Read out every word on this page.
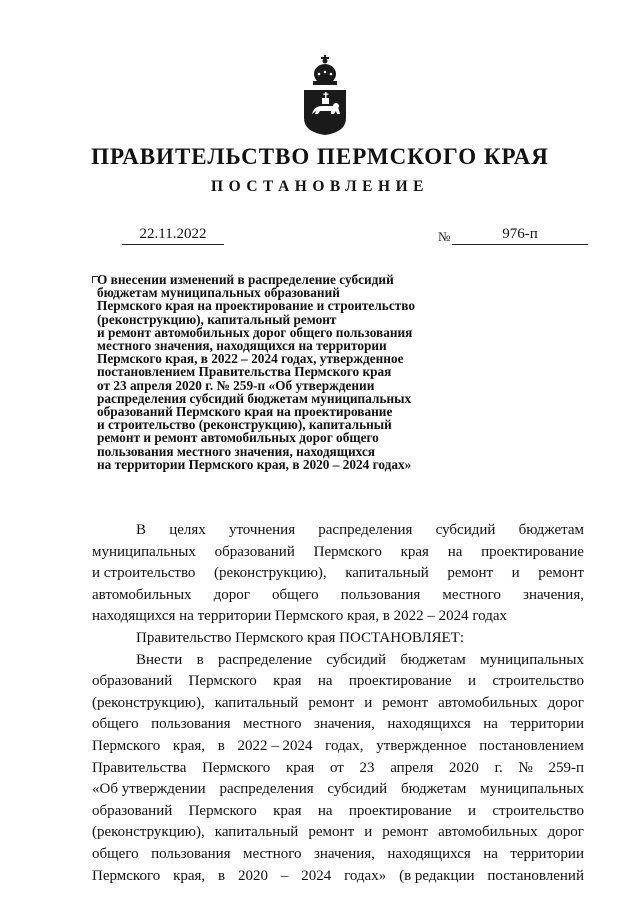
ПРАВИТЕЛЬСТВО ПЕРМСКОГО КРАЯ
ПОСТАНОВЛЕНИЕ
22.11.2022	№	976-п
О внесении изменений в распределение субсидий
бюджетам муниципальных образований
Пермского края на проектирование и строительство
(реконструкцию), капитальный ремонт
и ремонт автомобильных дорог общего пользования
местного значения, находящихся на территории
Пермского края, в 2022 – 2024 годах, утвержденное
постановлением Правительства Пермского края
от 23 апреля 2020 г. № 259-п «Об утверждении
распределения субсидий бюджетам муниципальных
образований Пермского края на проектирование
и строительство (реконструкцию), капитальный
ремонт и ремонт автомобильных дорог общего
пользования местного значения, находящихся
на территории Пермского края, в 2020 – 2024 годах»
В целях уточнения распределения субсидий бюджетам
муниципальных образований Пермского края на проектирование
и строительство (реконструкцию), капитальный ремонт и ремонт
автомобильных дорог общего пользования местного значения,
находящихся на территории Пермского края, в 2022 – 2024 годах
Правительство Пермского края ПОСТАНОВЛЯЕТ:
Внести в распределение субсидий бюджетам муниципальных
образований Пермского края на проектирование и строительство
(реконструкцию), капитальный ремонт и ремонт автомобильных дорог
общего пользования местного значения, находящихся на территории
Пермского края, в 2022 – 2024 годах, утвержденное постановлением
Правительства Пермского края от 23 апреля 2020 г. № 259-п
«Об утверждении распределения субсидий бюджетам муниципальных
образований Пермского края на проектирование и строительство
(реконструкцию), капитальный ремонт и ремонт автомобильных дорог
общего пользования местного значения, находящихся на территории
Пермского края, в 2020 – 2024 годах» (в редакции постановлений
